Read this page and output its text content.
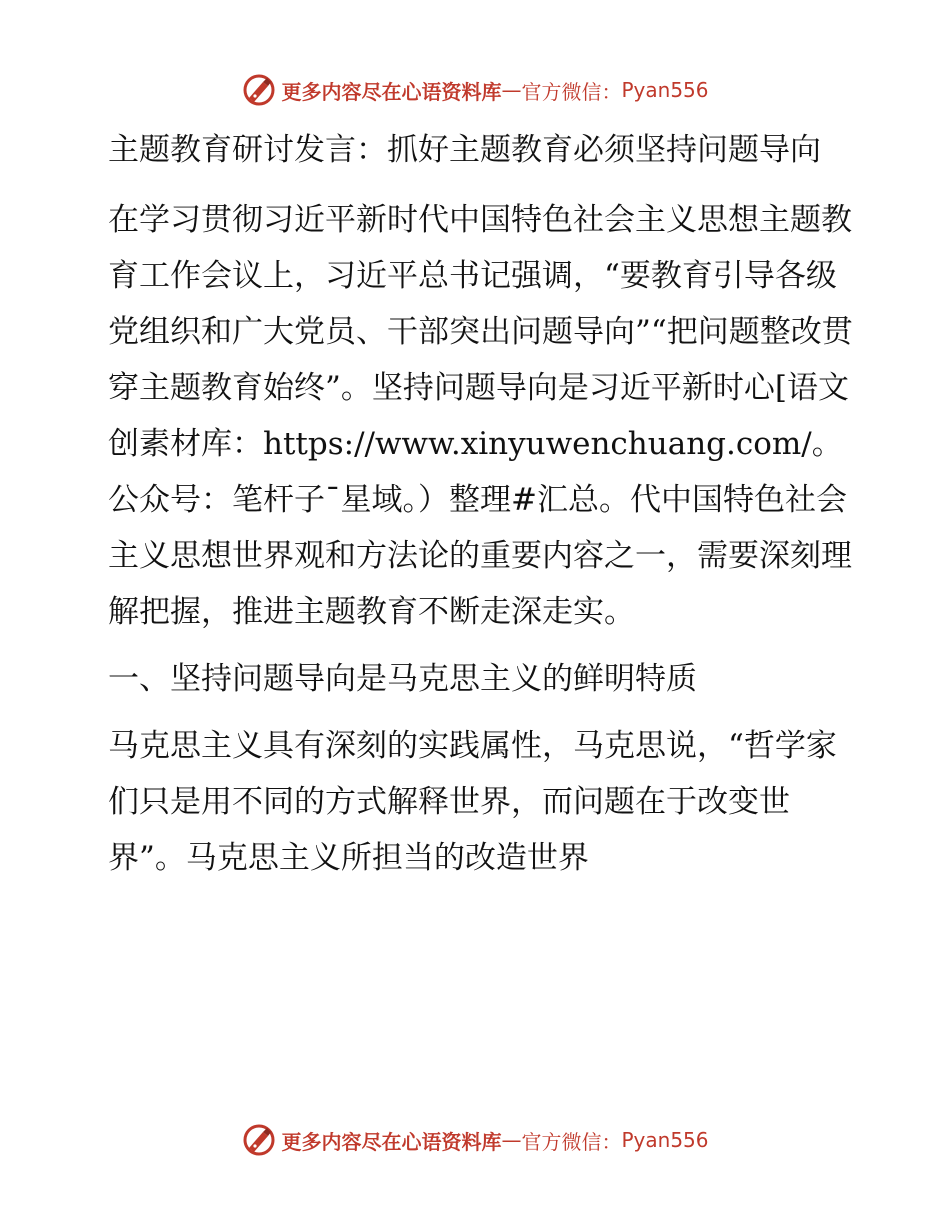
更多内容尽在心语资料库 — 官方微信： Pyan556

主题教育研讨发言：抓好主题教育必须坚持问题导向

在学习贯彻习近平新时代中国特色社会主义思想主题教育工作会议上，习近平总书记强调，“要教育引导各级党组织和广大党员、干部突出问题导向”“把问题整改贯穿主题教育始终”。坚持问题导向是习近平新时心[语文创素材库：https://www.xinyuwenchuang.com/。公众号：笔杆子¯星域。）整理#汇总。代中国特色社会主义思想世界观和方法论的重要内容之一，需要深刻理解把握，推进主题教育不断走深走实。

一、坚持问题导向是马克思主义的鲜明特质

马克思主义具有深刻的实践属性，马克思说，“哲学家们只是用不同的方式解释世界，而问题在于改变世界”。马克思主义所担当的改造世界

更多内容尽在心语资料库 — 官方微信： Pyan556
